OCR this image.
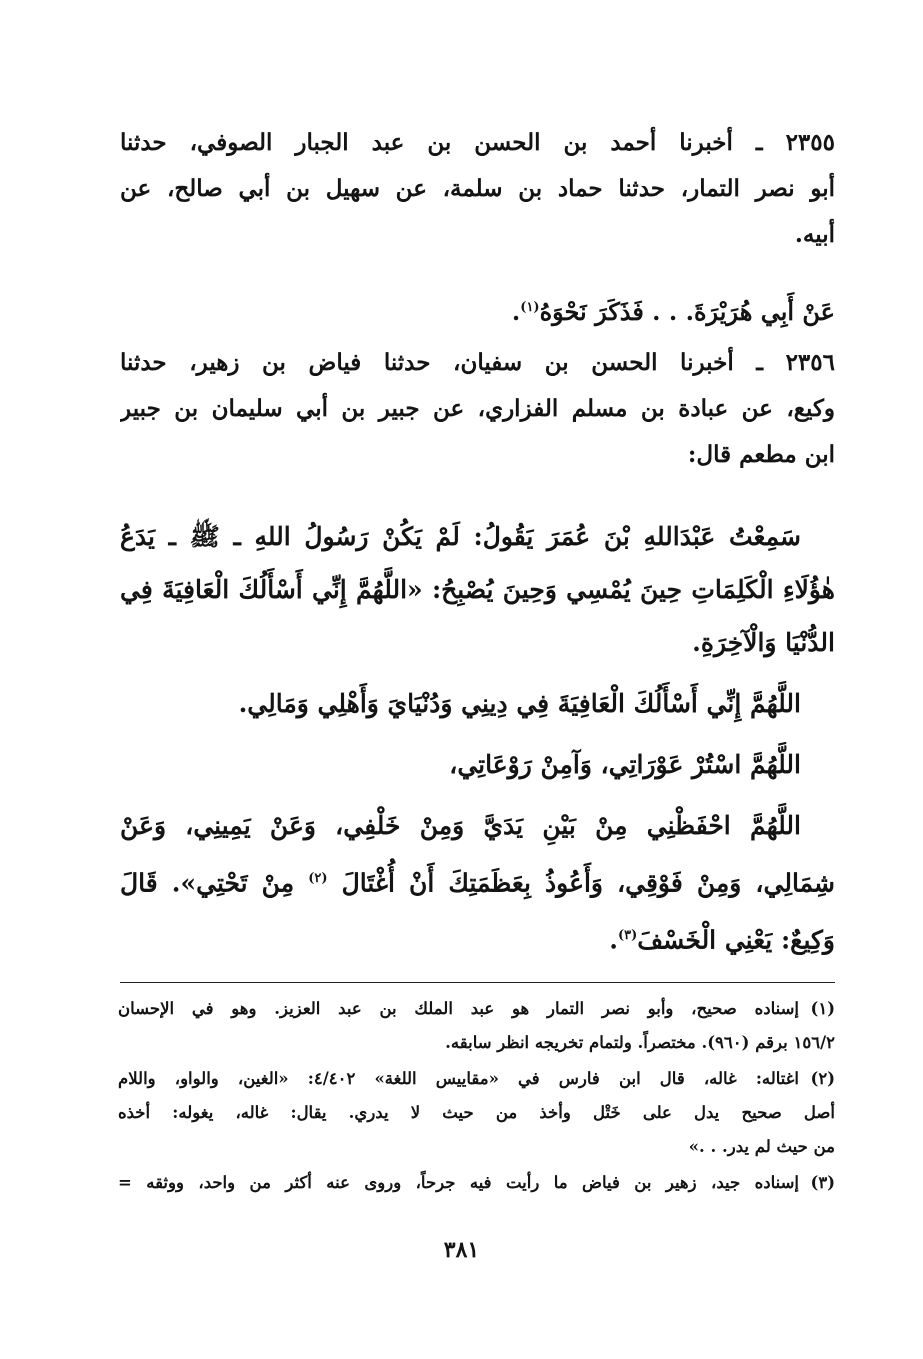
٢٣٥٥ ـ أخبرنا أحمد بن الحسن بن عبد الجبار الصوفي، حدثنا
أبو نصر التمار، حدثنا حماد بن سلمة، عن سهيل بن أبي صالح، عن
أبيه.
عَنْ أَبِي هُرَيْرَةَ. . . فَذَكَرَ نَحْوَهُ$^{(١)}$.
٢٣٥٦ ـ أخبرنا الحسن بن سفيان، حدثنا فياض بن زهير، حدثنا
وكيع، عن عبادة بن مسلم الفزاري، عن جبير بن أبي سليمان بن جبير
ابن مطعم قال:
سَمِعْتُ عَبْدَاللهِ بْنَ عُمَرَ يَقُولُ: لَمْ يَكُنْ رَسُولُ اللهِ ـ ﷺ ـ يَدَعُ
هٰؤُلَاءِ الْكَلِمَاتِ حِينَ يُمْسِي وَحِينَ يُصْبِحُ: «اللَّهُمَّ إِنِّي أَسْأَلُكَ الْعَافِيَةَ فِي
الدُّنْيَا وَالْآخِرَةِ.
اللَّهُمَّ إِنِّي أَسْأَلُكَ الْعَافِيَةَ فِي دِينِي وَدُنْيَايَ وَأَهْلِي وَمَالِي.
اللَّهُمَّ اسْتُرْ عَوْرَاتِي، وَآمِنْ رَوْعَاتِي،
اللَّهُمَّ احْفَظْنِي مِنْ بَيْنِ يَدَيَّ وَمِنْ خَلْفِي، وَعَنْ يَمِينِي، وَعَنْ
شِمَالِي، وَمِنْ فَوْقِي، وَأَعُوذُ بِعَظَمَتِكَ أَنْ أُغْتَالَ $^{(٢)}$ مِنْ تَحْتِي». قَالَ
وَكِيعٌ: يَعْنِي الْخَسْفَ$^{(٣)}$.
(١)إسناده صحيح، وأبو نصر التمار هو عبد الملك بن عبد العزيز. وهو في الإحسان
١٥٦/٢ برقم (٩٦٠). مختصراً. ولتمام تخريجه انظر سابقه.
(٢)اغتاله: غاله، قال ابن فارس في «مقاييس اللغة» ٤/٤٠٢: «الغين، والواو، واللام
أصل صحيح يدل على خَتْل وأخذ من حيث لا يدري. يقال: غاله، يغوله: أخذه
من حيث لم يدر. . .»
(٣)إسناده جيد، زهير بن فياض ما رأيت فيه جرحاً، وروى عنه أكثر من واحد، ووثقه =
٣٨١
